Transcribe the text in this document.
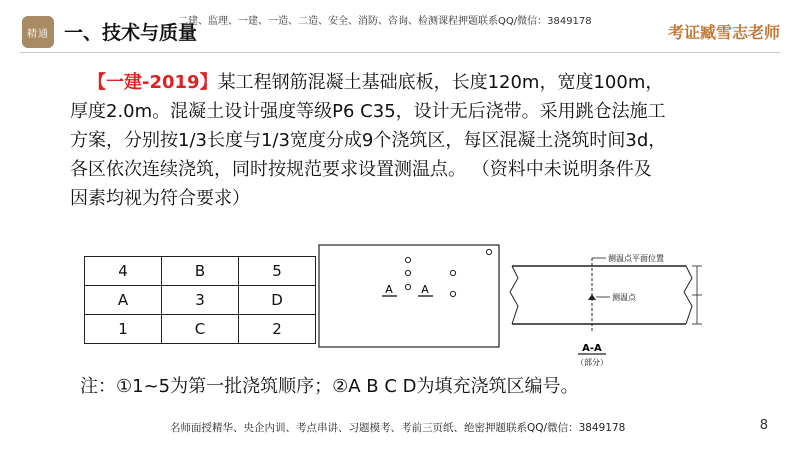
精通 一、技术与质量
二建、监理、一建、一造、二造、安全、消防、咨询、检测课程押题联系QQ/微信：3849178
考证臧雪志老师

【一建-2019】某工程钢筋混凝土基础底板，长度120m，宽度100m，

厚度2.0m。混凝土设计强度等级P6 C35，设计无后浇带。采用跳仓法施工

方案，分别按1/3长度与1/3宽度分成9个浇筑区，每区混凝土浇筑时间3d，

各区依次连续浇筑，同时按规范要求设置测温点。 （资料中未说明条件及

因素均视为符合要求）

4	B	5
A	3	D
1	C	2
A	A
测温点平面位置
测温点
A-A
（部分）
注：①1~5为第一批浇筑顺序；②A B C D为填充浇筑区编号。
名师面授精华、央企内训、考点串讲、习题模考、考前三页纸、绝密押题联系QQ/微信：3849178	8
